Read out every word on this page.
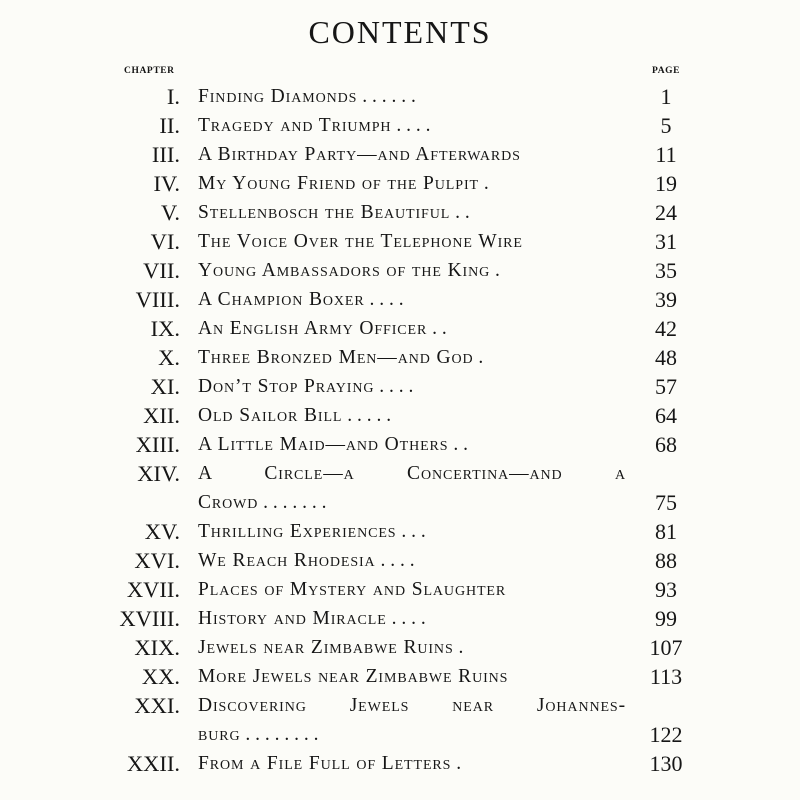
CONTENTS
CHAPTER	PAGE
I. Finding Diamonds . . . . . .	1
II. Tragedy and Triumph . . . .	5
III. A Birthday Party—and Afterwards	11
IV. My Young Friend of the Pulpit .	19
V. Stellenbosch the Beautiful . .	24
VI. The Voice Over the Telephone Wire	31
VII. Young Ambassadors of the King .	35
VIII. A Champion Boxer . . . .	39
IX. An English Army Officer . .	42
X. Three Bronzed Men—and God .	48
XI. Don’t Stop Praying . . . .	57
XII. Old Sailor Bill . . . . .	64
XIII. A Little Maid—and Others . .	68
XIV. A Circle—a Concertina—and a
Crowd . . . . . . .	75
XV. Thrilling Experiences . . .	81
XVI. We Reach Rhodesia . . . .	88
XVII. Places of Mystery and Slaughter	93
XVIII. History and Miracle . . . .	99
XIX. Jewels near Zimbabwe Ruins .	107
XX. More Jewels near Zimbabwe Ruins	113
XXI. Discovering Jewels near Johannes-
burg . . . . . . . .	122
XXII. From a File Full of Letters .	130
